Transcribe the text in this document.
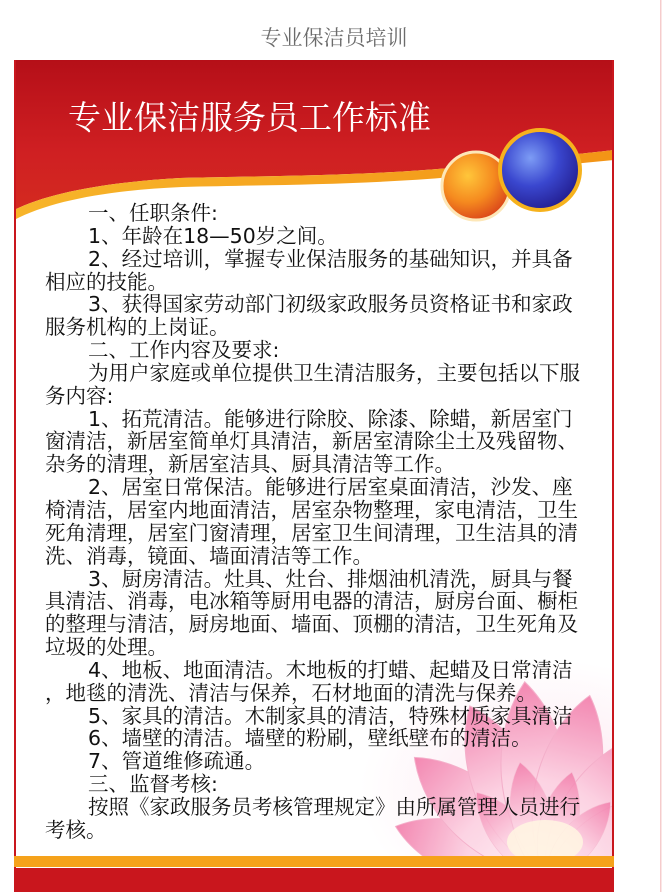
专业保洁员培训
专业保洁服务员工作标准
一、任职条件:
1、年龄在18—50岁之间。
2、经过培训，掌握专业保洁服务的基础知识，并具备
相应的技能。
3、获得国家劳动部门初级家政服务员资格证书和家政
服务机构的上岗证。
二、工作内容及要求:
为用户家庭或单位提供卫生清洁服务，主要包括以下服
务内容:
1、拓荒清洁。能够进行除胶、除漆、除蜡，新居室门
窗清洁，新居室简单灯具清洁，新居室清除尘土及残留物、
杂务的清理，新居室洁具、厨具清洁等工作。
2、居室日常保洁。能够进行居室桌面清洁，沙发、座
椅清洁，居室内地面清洁，居室杂物整理，家电清洁，卫生
死角清理，居室门窗清理，居室卫生间清理，卫生洁具的清
洗、消毒，镜面、墙面清洁等工作。
3、厨房清洁。灶具、灶台、排烟油机清洗，厨具与餐
具清洁、消毒，电冰箱等厨用电器的清洁，厨房台面、橱柜
的整理与清洁，厨房地面、墙面、顶棚的清洁，卫生死角及
垃圾的处理。
4、地板、地面清洁。木地板的打蜡、起蜡及日常清洁
，地毯的清洗、清洁与保养，石材地面的清洗与保养。
5、家具的清洁。木制家具的清洁，特殊材质家具清洁
6、墙壁的清洁。墙壁的粉刷，壁纸壁布的清洁。
7、管道维修疏通。
三、监督考核:
按照《家政服务员考核管理规定》由所属管理人员进行
考核。
